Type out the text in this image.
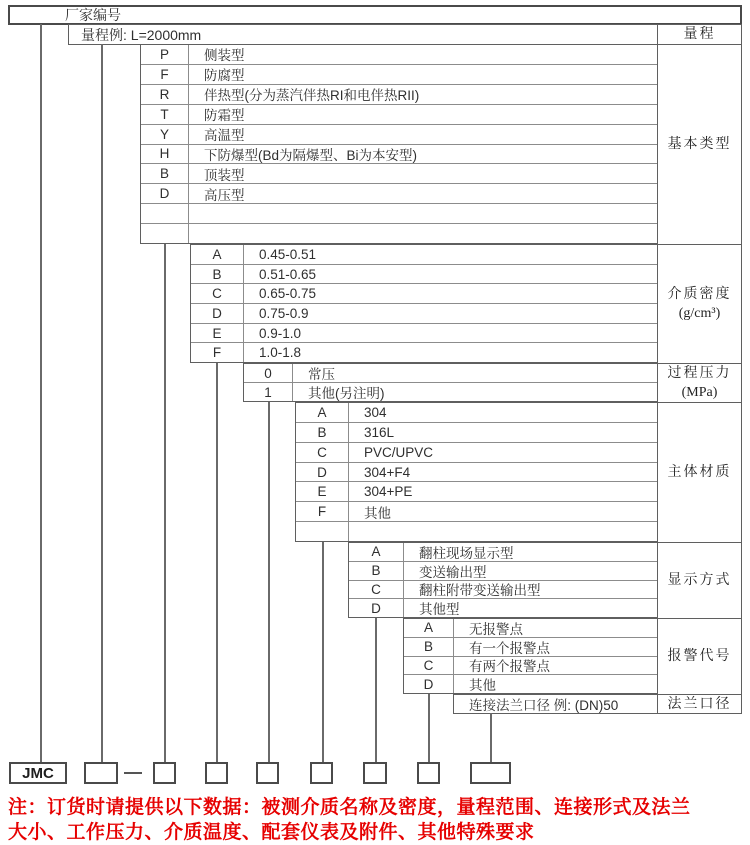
厂家编号
量程例: L=2000mm
P	侧装型
F	防腐型
R	伴热型(分为蒸汽伴热RI和电伴热RII)
T	防霜型
Y	高温型
H	下防爆型(Bd为隔爆型、Bi为本安型)
B	顶装型
D	高压型
A	0.45-0.51
B	0.51-0.65
C	0.65-0.75
D	0.75-0.9
E	0.9-1.0
F	1.0-1.8
0	常压
1	其他(另注明)
A	304
B	316L
C	PVC/UPVC
D	304+F4
E	304+PE
F	其他
A	翻柱现场显示型
B	变送输出型
C	翻柱附带变送输出型
D	其他型
A	无报警点
B	有一个报警点
C	有两个报警点
D	其他
量程
基本类型
介质密度
(g/cm³)
过程压力
(MPa)
主体材质
显示方式
报警代号
法兰口径
连接法兰口径 例: (DN)50
JMC
注：订货时请提供以下数据：被测介质名称及密度，量程范围、连接形式及法兰
大小、工作压力、介质温度、配套仪表及附件、其他特殊要求
